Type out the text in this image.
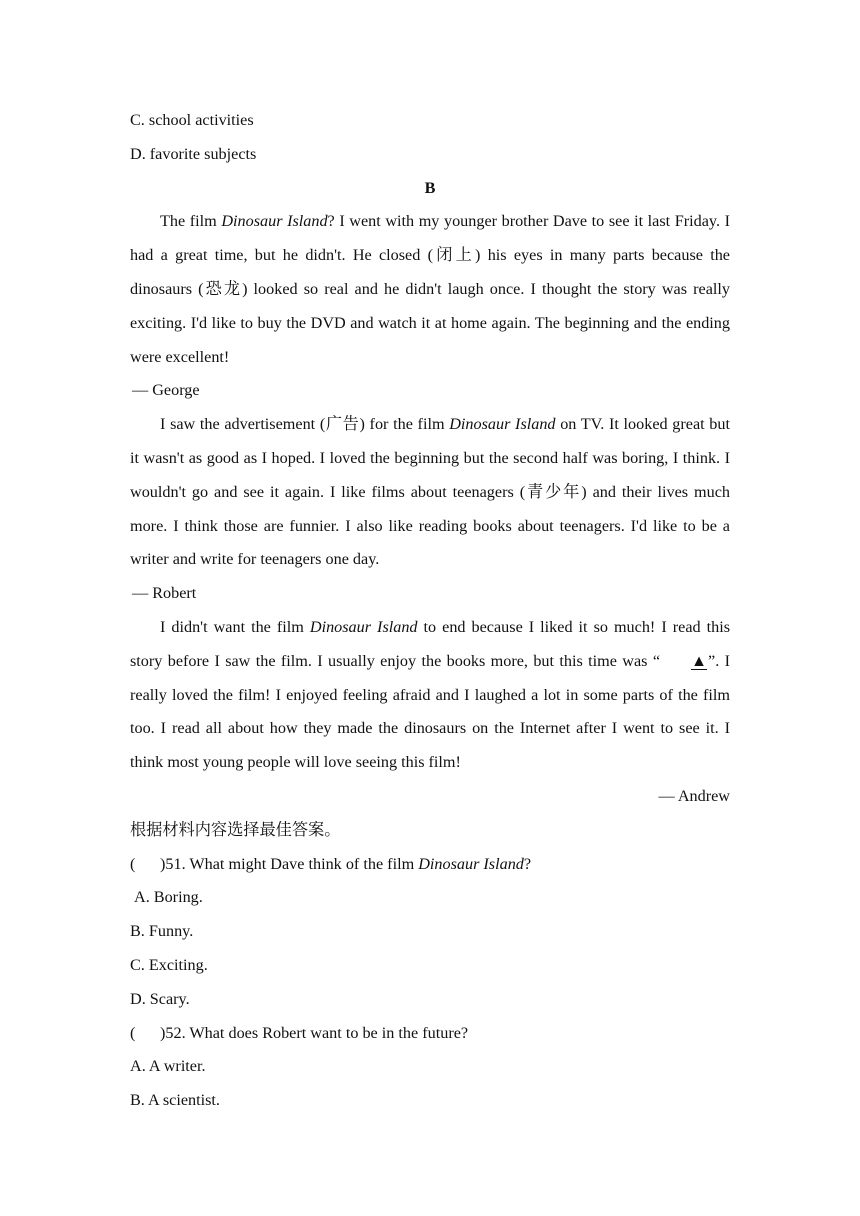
C. school activities
D. favorite subjects
B
The film Dinosaur Island? I went with my younger brother Dave to see it last Friday. I had a great time, but he didn't. He closed (闭上) his eyes in many parts because the dinosaurs (恐龙) looked so real and he didn't laugh once. I thought the story was really exciting. I'd like to buy the DVD and watch it at home again. The beginning and the ending were excellent!
— George
I saw the advertisement (广告) for the film Dinosaur Island on TV. It looked great but it wasn't as good as I hoped. I loved the beginning but the second half was boring, I think. I wouldn't go and see it again. I like films about teenagers (青少年) and their lives much more. I think those are funnier. I also like reading books about teenagers. I'd like to be a writer and write for teenagers one day.
— Robert
I didn't want the film Dinosaur Island to end because I liked it so much! I read this story before I saw the film. I usually enjoy the books more, but this time was “ ▲”. I really loved the film! I enjoyed feeling afraid and I laughed a lot in some parts of the film too. I read all about how they made the dinosaurs on the Internet after I went to see it. I think most young people will love seeing this film!
— Andrew
根据材料内容选择最佳答案。
( )51. What might Dave think of the film Dinosaur Island?
A. Boring.
B. Funny.
C. Exciting.
D. Scary.
( )52. What does Robert want to be in the future?
A. A writer.
B. A scientist.
